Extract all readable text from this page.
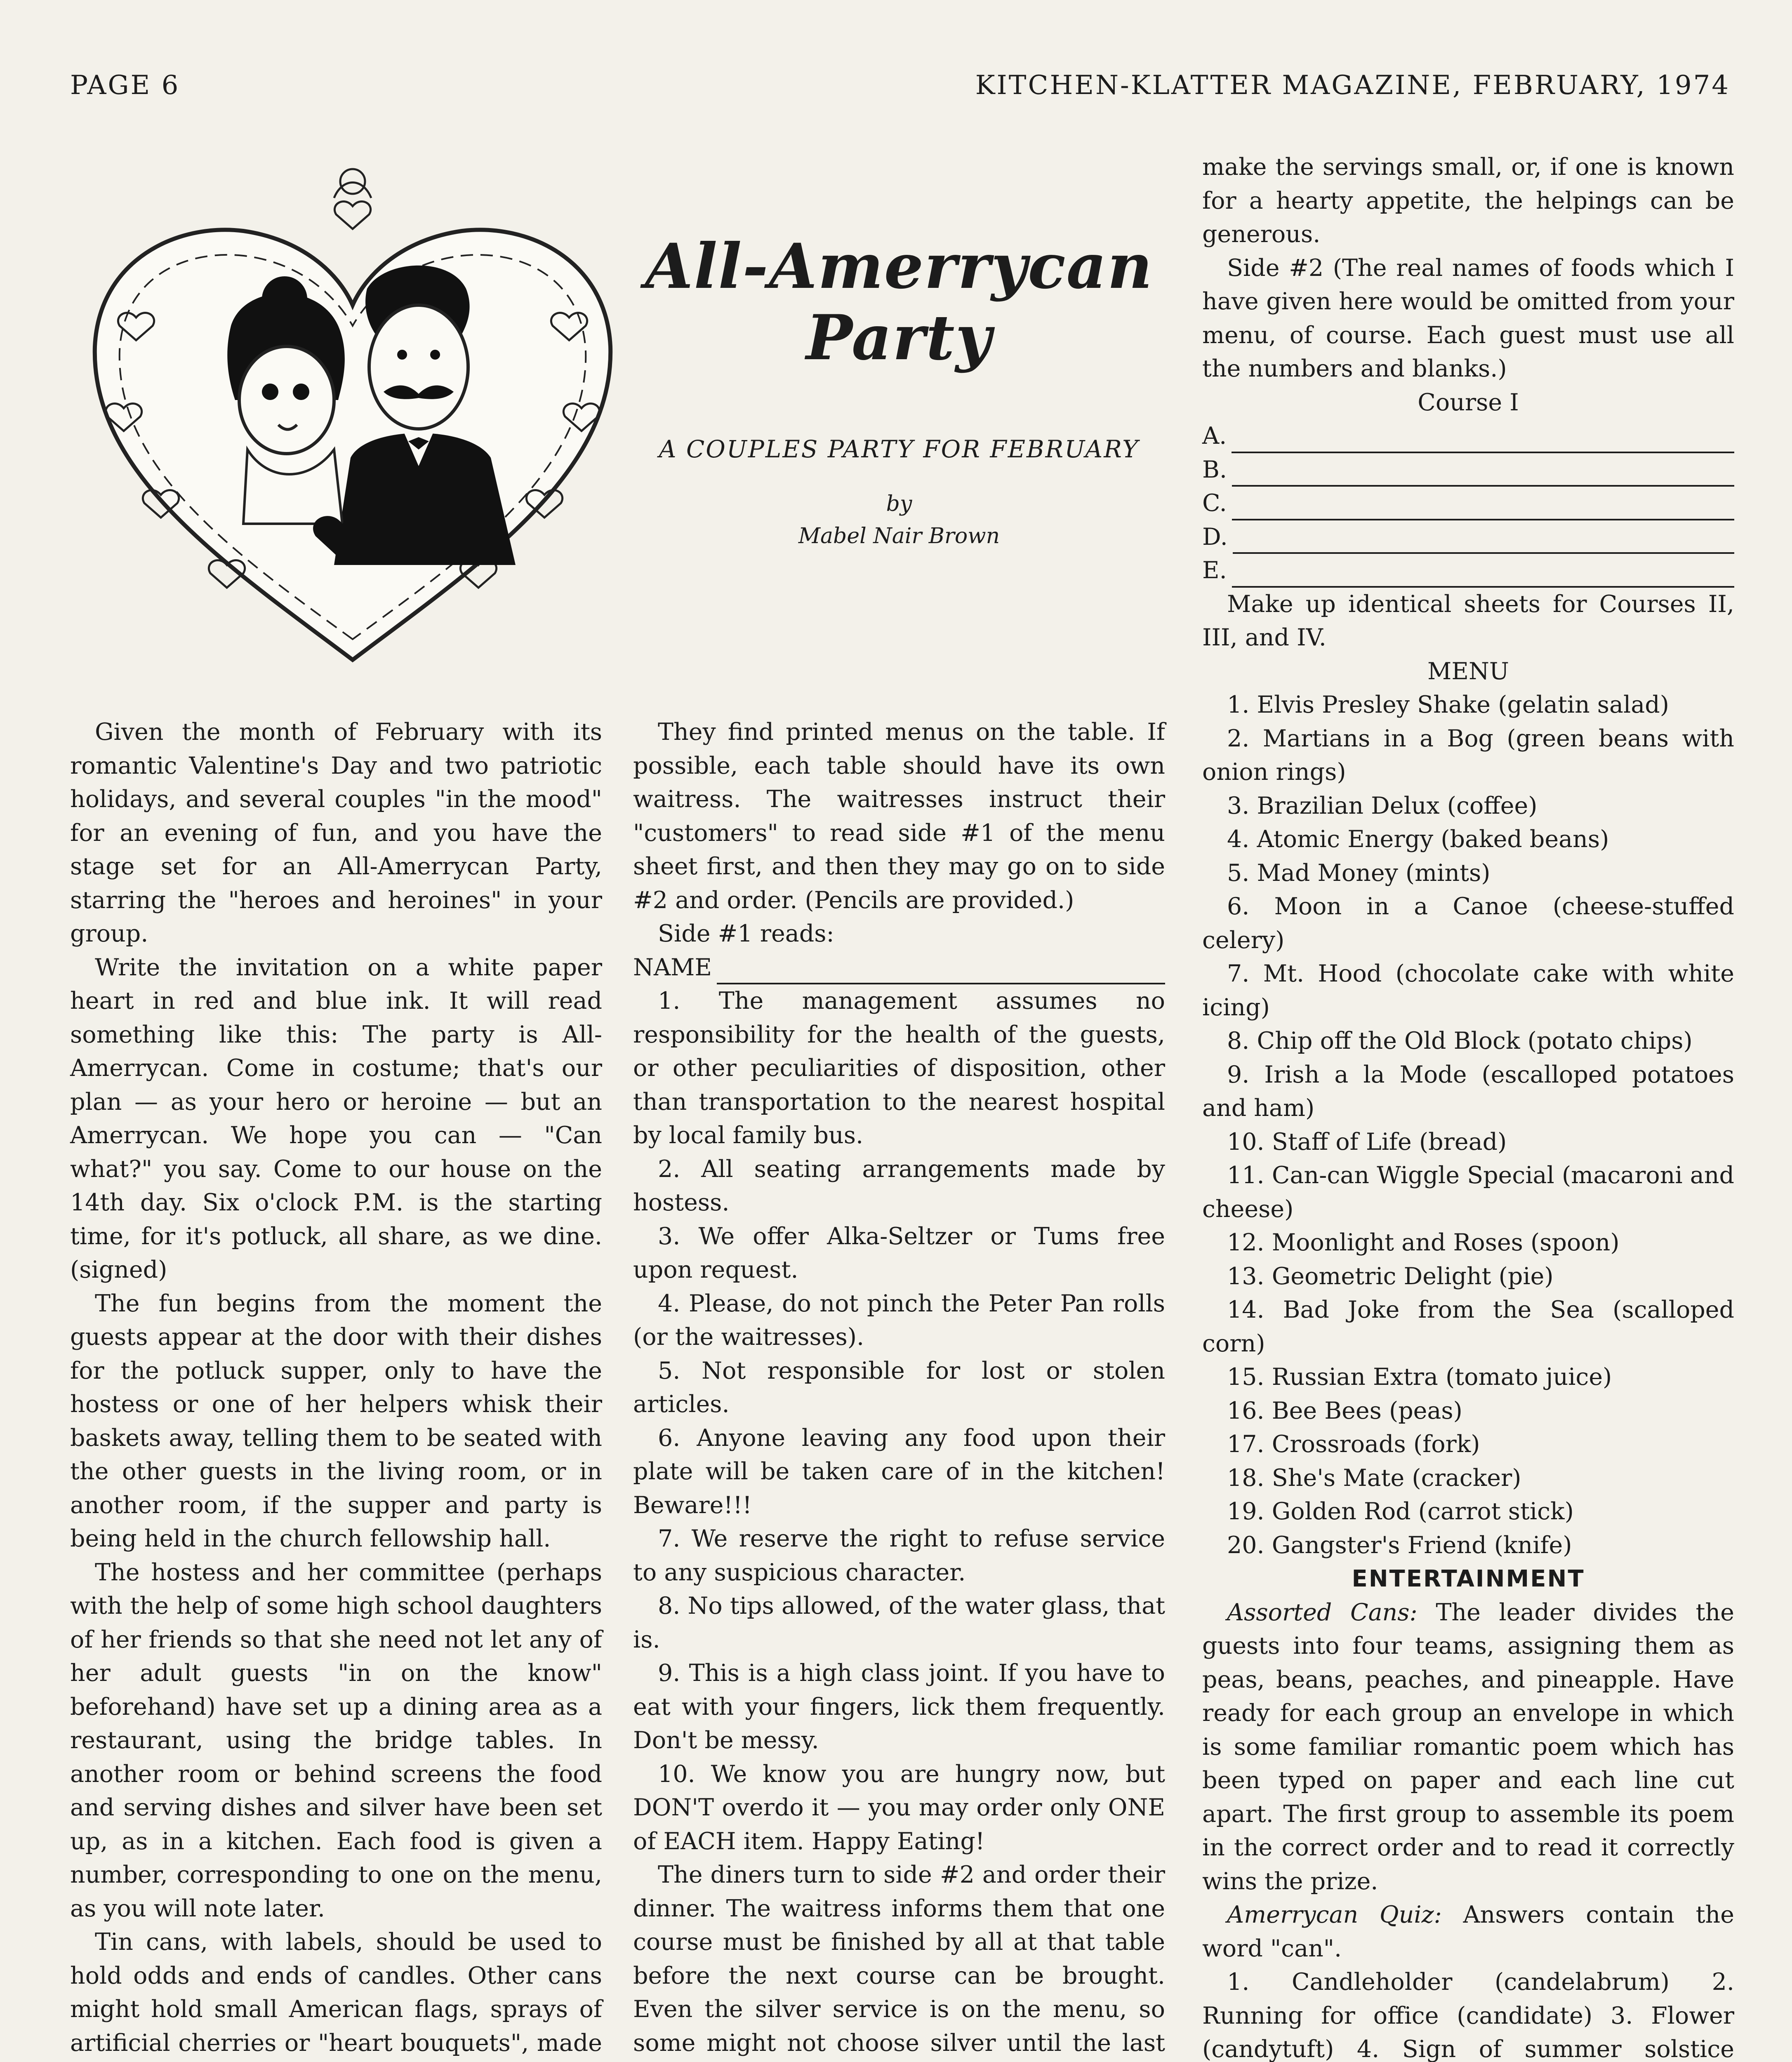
PAGE 6	KITCHEN-KLATTER MAGAZINE, FEBRUARY, 1974
All-Amerrycan
Party
A COUPLES PARTY FOR FEBRUARY
by
Mabel Nair Brown

Given the month of February with its romantic Valentine's Day and two patriotic holidays, and several couples "in the mood" for an evening of fun, and you have the stage set for an All-Amerrycan Party, starring the "heroes and heroines" in your group.

Write the invitation on a white paper heart in red and blue ink. It will read something like this: The party is All-Amerrycan. Come in costume; that's our plan — as your hero or heroine — but an Amerrycan. We hope you can — "Can what?" you say. Come to our house on the 14th day. Six o'clock P.M. is the starting time, for it's potluck, all share, as we dine. (signed)

The fun begins from the moment the guests appear at the door with their dishes for the potluck supper, only to have the hostess or one of her helpers whisk their baskets away, telling them to be seated with the other guests in the living room, or in another room, if the supper and party is being held in the church fellowship hall.

The hostess and her committee (perhaps with the help of some high school daughters of her friends so that she need not let any of her adult guests "in on the know" beforehand) have set up a dining area as a restaurant, using the bridge tables. In another room or behind screens the food and serving dishes and silver have been set up, as in a kitchen. Each food is given a number, corresponding to one on the menu, as you will note later.

Tin cans, with labels, should be used to hold odds and ends of candles. Other cans might hold small American flags, sprays of artificial cherries or "heart bouquets", made

They find printed menus on the table. If possible, each table should have its own waitress. The waitresses instruct their "customers" to read side #1 of the menu sheet first, and then they may go on to side #2 and order. (Pencils are provided.)

Side #1 reads:

NAME

1. The management assumes no responsibility for the health of the guests, or other peculiarities of disposition, other than transportation to the nearest hospital by local family bus.

2. All seating arrangements made by hostess.

3. We offer Alka-Seltzer or Tums free upon request.

4. Please, do not pinch the Peter Pan rolls (or the waitresses).

5. Not responsible for lost or stolen articles.

6. Anyone leaving any food upon their plate will be taken care of in the kitchen! Beware!!!

7. We reserve the right to refuse service to any suspicious character.

8. No tips allowed, of the water glass, that is.

9. This is a high class joint. If you have to eat with your fingers, lick them frequently. Don't be messy.

10. We know you are hungry now, but DON'T overdo it — you may order only ONE of EACH item. Happy Eating!

The diners turn to side #2 and order their dinner. The waitress informs them that one course must be finished by all at that table before the next course can be brought. Even the silver service is on the menu, so some might not choose silver until the last

make the servings small, or, if one is known for a hearty appetite, the helpings can be generous.

Side #2 (The real names of foods which I have given here would be omitted from your menu, of course. Each guest must use all the numbers and blanks.)

Course I

A.

B.

C.

D.

E.

Make up identical sheets for Courses II, III, and IV.

MENU

1. Elvis Presley Shake (gelatin salad)

2. Martians in a Bog (green beans with onion rings)

3. Brazilian Delux (coffee)

4. Atomic Energy (baked beans)

5. Mad Money (mints)

6. Moon in a Canoe (cheese-stuffed celery)

7. Mt. Hood (chocolate cake with white icing)

8. Chip off the Old Block (potato chips)

9. Irish a la Mode (escalloped potatoes and ham)

10. Staff of Life (bread)

11. Can-can Wiggle Special (macaroni and cheese)

12. Moonlight and Roses (spoon)

13. Geometric Delight (pie)

14. Bad Joke from the Sea (scalloped corn)

15. Russian Extra (tomato juice)

16. Bee Bees (peas)

17. Crossroads (fork)

18. She's Mate (cracker)

19. Golden Rod (carrot stick)

20. Gangster's Friend (knife)

ENTERTAINMENT

Assorted Cans: The leader divides the guests into four teams, assigning them as peas, beans, peaches, and pineapple. Have ready for each group an envelope in which is some familiar romantic poem which has been typed on paper and each line cut apart. The first group to assemble its poem in the correct order and to read it correctly wins the prize.

Amerrycan Quiz: Answers contain the word "can".

1. Candleholder (candelabrum) 2. Running for office (candidate) 3. Flower (candytuft) 4. Sign of summer solstice
